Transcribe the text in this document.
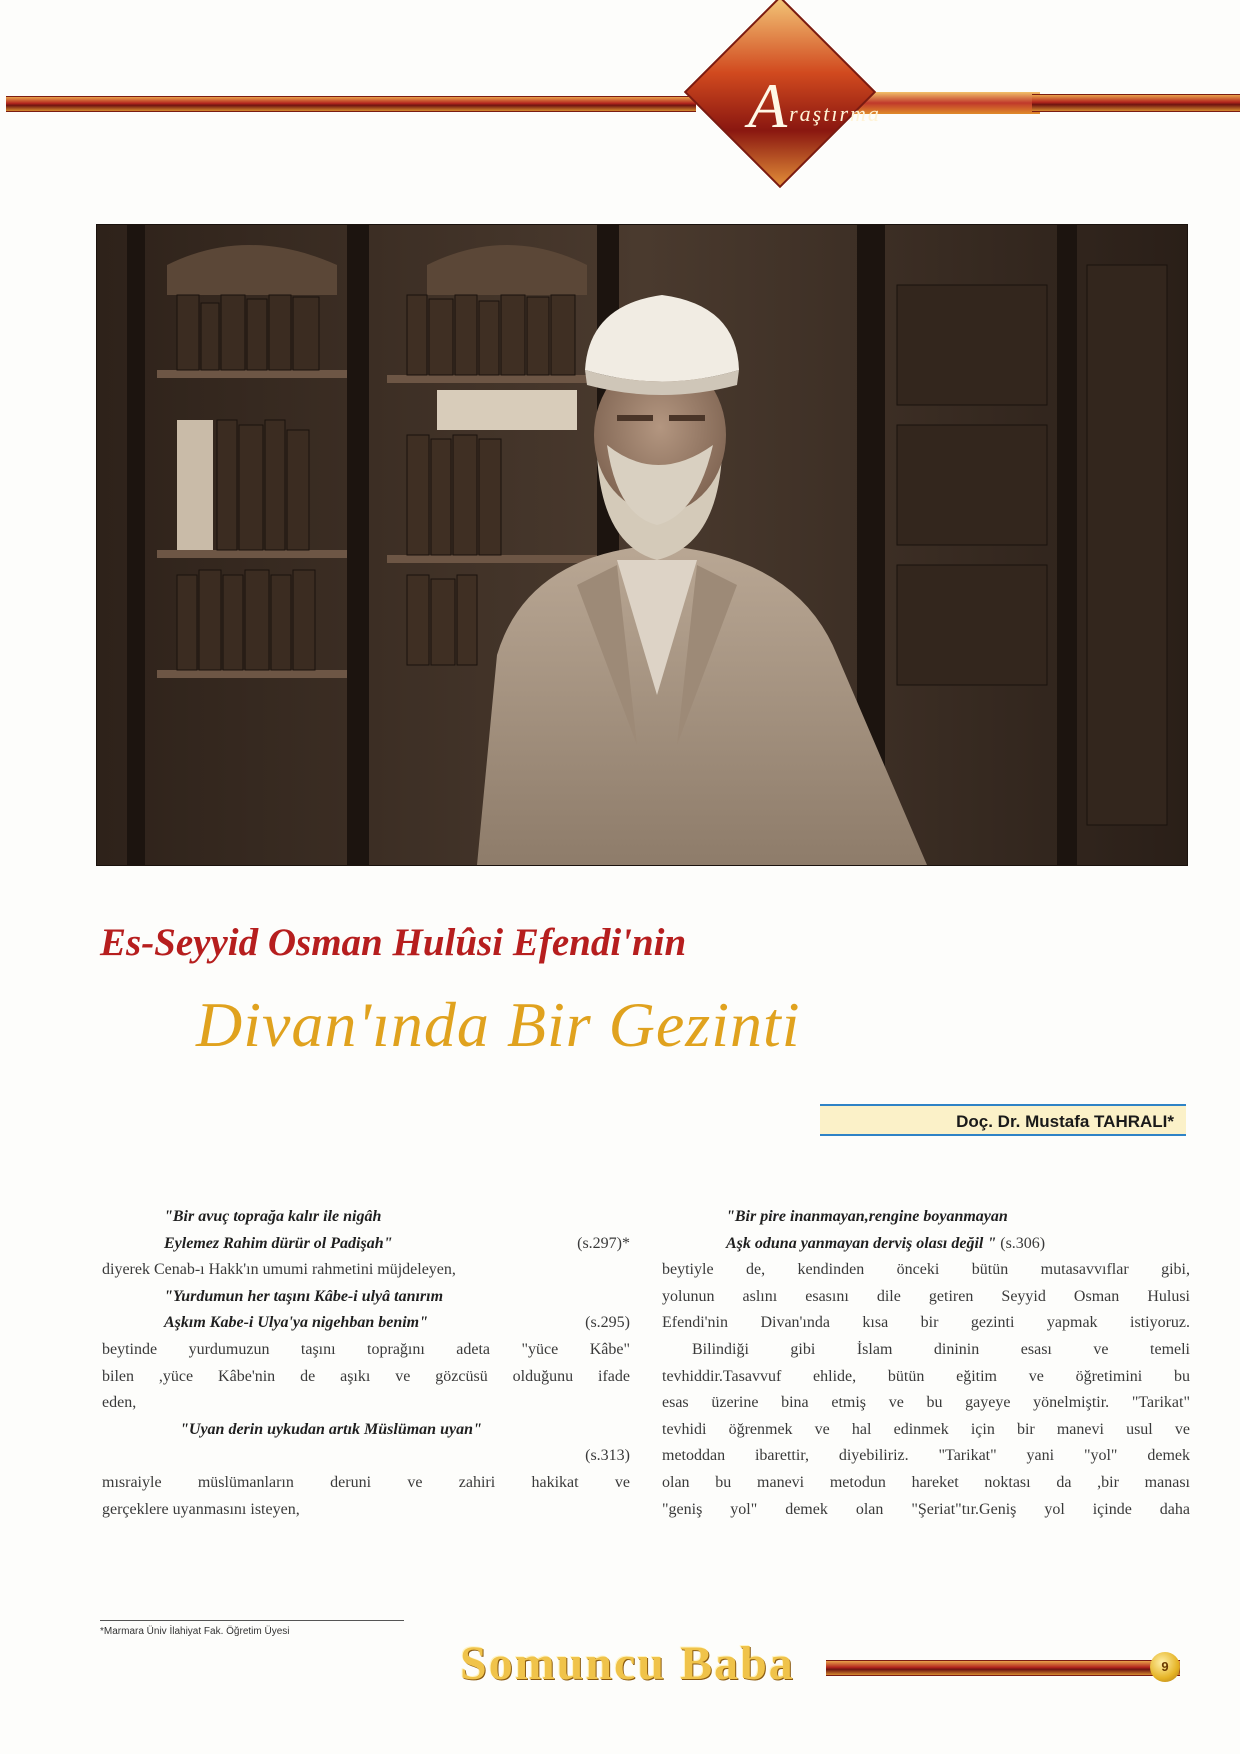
Araştırma
Es-Seyyid Osman Hulûsi Efendi'nin
Divan'ında Bir Gezinti
Doç. Dr. Mustafa TAHRALI*
"Bir avuç toprağa kalır ile nigâh
Eylemez Rahim dürür ol Padişah"	(s.297)*
diyerek Cenab-ı Hakk'ın umumi rahmetini müjdeleyen,
"Yurdumun her taşını Kâbe-i ulyâ tanırım
Aşkım Kabe-i Ulya'ya nigehban benim"	(s.295)
beytinde yurdumuzun taşını toprağını adeta "yüce Kâbe"
bilen ,yüce Kâbe'nin de aşıkı ve gözcüsü olduğunu ifade
eden,
"Uyan derin uykudan artık Müslüman uyan"
(s.313)
mısraiyle müslümanların deruni ve zahiri hakikat ve
gerçeklere uyanmasını isteyen,
"Bir pire inanmayan,rengine boyanmayan
Aşk oduna yanmayan derviş olası değil " (s.306)
beytiyle de, kendinden önceki bütün mutasavvıflar gibi,
yolunun aslını esasını dile getiren Seyyid Osman Hulusi
Efendi'nin Divan'ında kısa bir gezinti yapmak istiyoruz.
Bilindiği gibi İslam dininin esası ve temeli
tevhiddir.Tasavvuf ehlide, bütün eğitim ve öğretimini bu
esas üzerine bina etmiş ve bu gayeye yönelmiştir. "Tarikat"
tevhidi öğrenmek ve hal edinmek için bir manevi usul ve
metoddan ibarettir, diyebiliriz. "Tarikat" yani "yol" demek
olan bu manevi metodun hareket noktası da ,bir manası
"geniş yol" demek olan "Şeriat"tır.Geniş yol içinde daha
*Marmara Üniv İlahiyat Fak. Öğretim Üyesi
Somuncu Baba	9
